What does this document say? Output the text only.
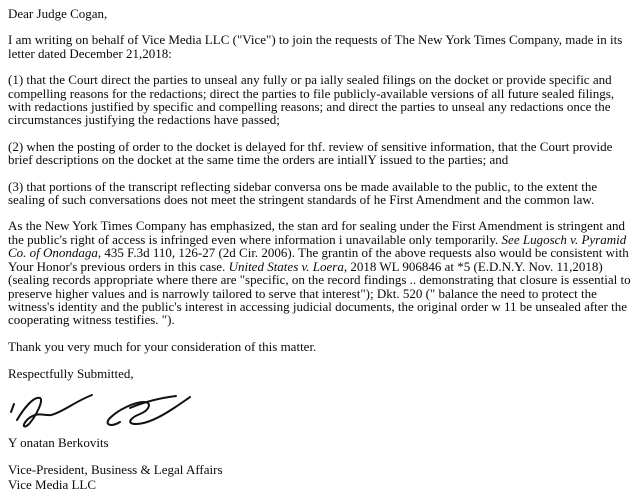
Dear Judge Cogan,

I am writing on behalf of Vice Media LLC ("Vice") to join the requests of The New York Times Company, made in its letter dated December 21,2018:

(1) that the Court direct the parties to unseal any fully or pa ially sealed filings on the docket or provide specific and compelling reasons for the redactions; direct the parties to file publicly-available versions of all future sealed filings, with redactions justified by specific and compelling reasons; and direct the parties to unseal any redactions once the circumstances justifying the redactions have passed;

(2) when the posting of order to the docket is delayed for thf. review of sensitive information, that the Court provide brief descriptions on the docket at the same time the orders are intiallY issued to the parties; and

(3) that portions of the transcript reflecting sidebar conversa ons be made available to the public, to the extent the sealing of such conversations does not meet the stringent standards of he First Amendment and the common law.

As the New York Times Company has emphasized, the stan ard for sealing under the First Amendment is stringent and the public's right of access is infringed even where information i unavailable only temporarily. See Lugosch v. Pyramid Co. of Onondaga, 435 F.3d 110, 126-27 (2d Cir. 2006). The grantin of the above requests also would be consistent with Your Honor's previous orders in this case. United States v. Loera, 2018 WL 906846 at *5 (E.D.N.Y. Nov. 11,2018) (sealing records appropriate where there are "specific, on the record findings .. demonstrating that closure is essential to preserve higher values and is narrowly tailored to serve that interest"); Dkt. 520 (" balance the need to protect the witness's identity and the public's interest in accessing judicial documents, the original order w 11 be unsealed after the cooperating witness testifies. ").

Thank you very much for your consideration of this matter.

Respectfully Submitted,

Y onatan Berkovits

Vice-President, Business & Legal Affairs

Vice Media LLC
